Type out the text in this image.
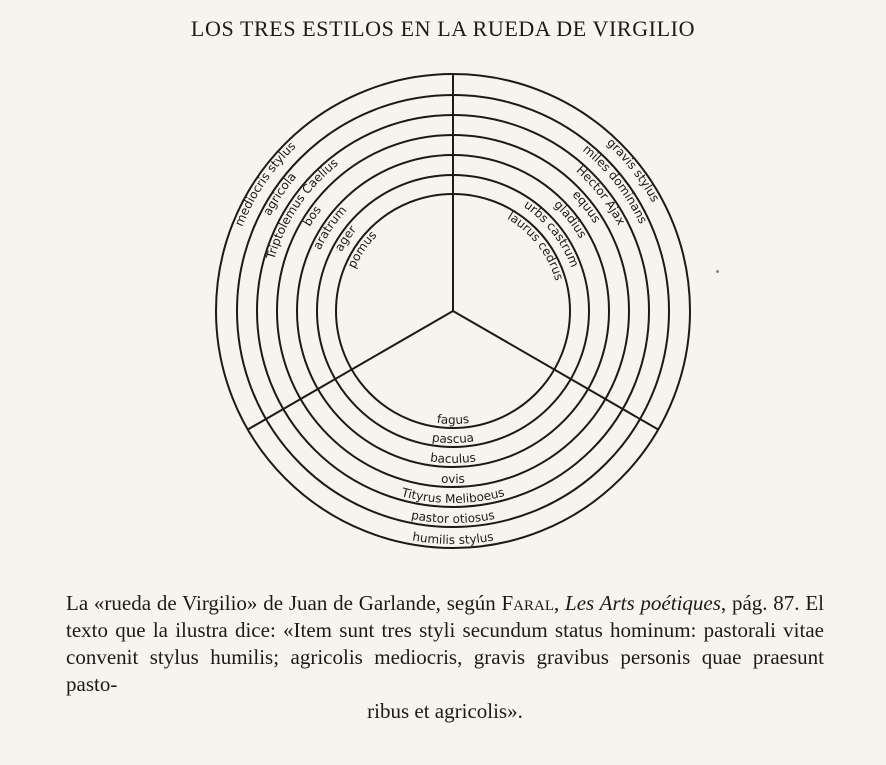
LOS TRES ESTILOS EN LA RUEDA DE VIRGILIO
mediocris stylus
agricola
Triptolemus Caelius
bos
aratrum
ager
pomus
gravis stylus
miles dominans
Hector Ajax
equus
gladius
urbs castrum
laurus cedrus
humilis stylus
pastor otiosus
Tityrus Meliboeus
ovis
baculus
pascua
fagus
La «rueda de Virgilio» de Juan de Garlande, según Faral, Les Arts poétiques, pág. 87. El texto que la ilustra dice: «Item sunt tres styli secundum status hominum: pastorali vitae convenit stylus humilis; agricolis mediocris, gravis gravibus personis quae praesunt pasto-
ribus et agricolis».
